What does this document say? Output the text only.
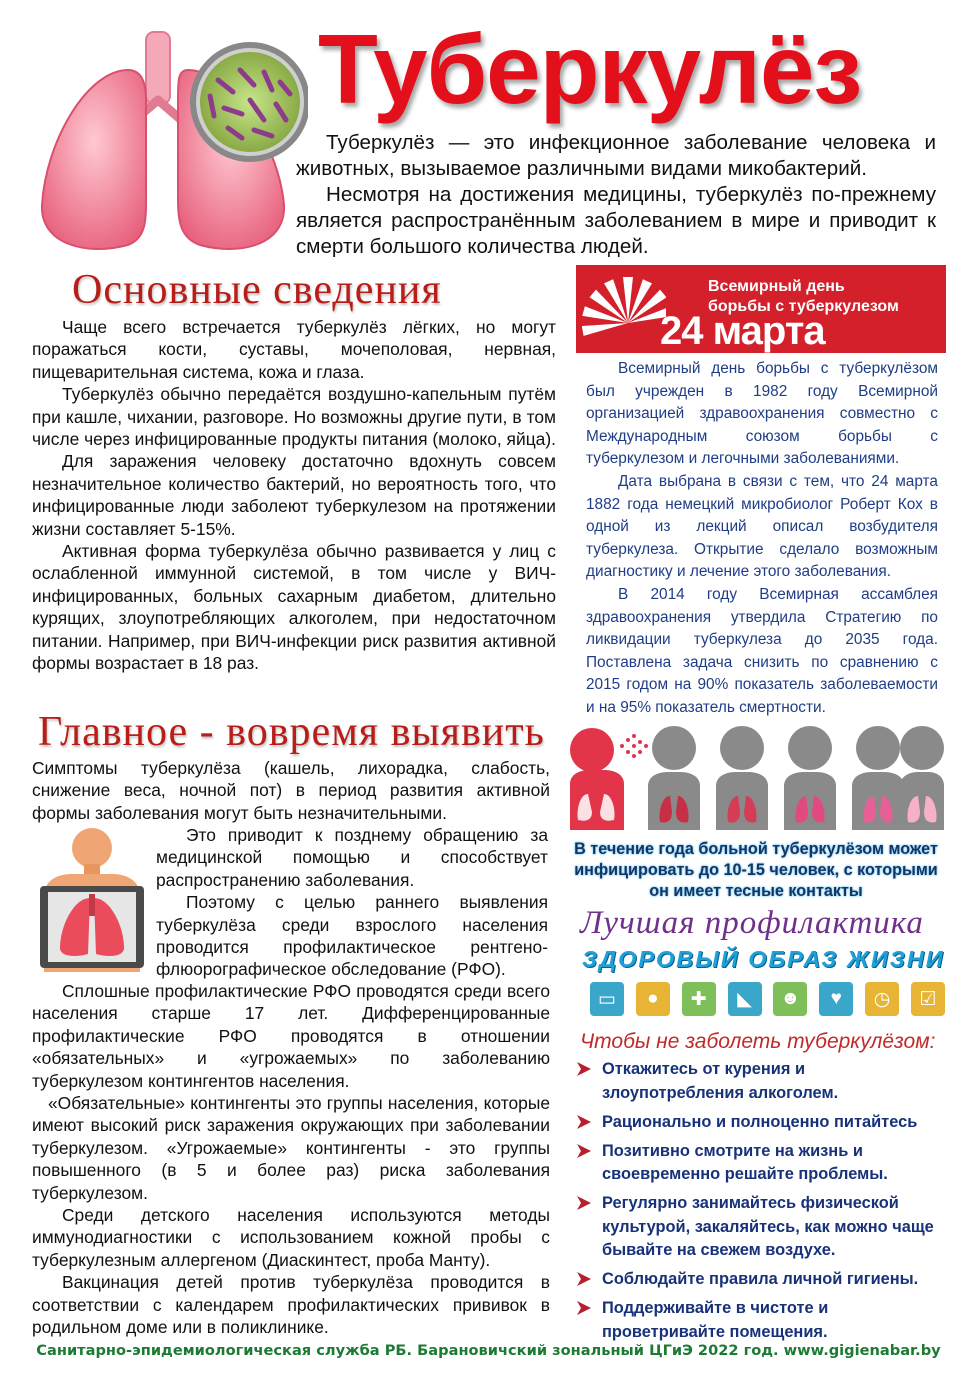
Туберкулёз

Туберкулёз — это инфекционное заболевание человека и животных, вызываемое различными видами микобактерий.

Несмотря на достижения медицины, туберкулёз по-прежнему является распространённым заболеванием в мире и приводит к смерти большого количества людей.

Основные сведения

Чаще всего встречается туберкулёз лёгких, но могут поражаться кости, суставы, мочеполовая, нервная, пищеварительная система, кожа и глаза.

Туберкулёз обычно передаётся воздушно-капельным путём при кашле, чихании, разговоре. Но возможны другие пути, в том числе через инфицированные продукты питания (молоко, яйца).

Для заражения человеку достаточно вдохнуть совсем незначительное количество бактерий, но вероятность того, что инфицированные люди заболеют туберкулезом на протяжении жизни составляет 5-15%.

Активная форма туберкулёза обычно развивается у лиц с ослабленной иммунной системой, в том числе у ВИЧ-инфицированных, больных сахарным диабетом, длительно курящих, злоупотребляющих алкоголем, при недостаточном питании. Например, при ВИЧ-инфекции риск развития активной формы возрастает в 18 раз.

Главное - вовремя выявить
Симптомы туберкулёза (кашель, лихорадка, слабость, снижение веса, ночной пот) в период развития активной формы заболевания могут быть незначительными.

Это приводит к позднему обращению за медицинской помощью и способствует распространению заболевания.

Поэтому с целью раннего выявления туберкулёза среди взрослого населения проводится профилактическое рентгено-флюорографическое обследование (РФО).

Сплошные профилактические РФО проводятся среди всего населения старше 17 лет. Дифференцированные профилактические РФО проводятся в отношении «обязательных» и «угрожаемых» по заболеванию туберкулезом контингентов населения.

«Обязательные» контингенты это группы населения, которые имеют высокий риск заражения окружающих при заболевании туберкулезом. «Угрожаемые» контингенты - это группы повышенного (в 5 и более раз) риска заболевания туберкулезом.

Среди детского населения используются методы иммунодиагностики с использованием кожной пробы с туберкулезным аллергеном (Диаскинтест, проба Манту).

Вакцинация детей против туберкулёза проводится в соответствии с календарем профилактических прививок в родильном доме или в поликлинике.

Всемирный день
борьбы с туберкулезом
24 марта

Всемирный день борьбы с туберкулёзом был учрежден в 1982 году Всемирной организацией здравоохранения совместно с Международным союзом борьбы с туберкулезом и легочными заболеваниями.

Дата выбрана в связи с тем, что 24 марта 1882 года немецкий микробиолог Роберт Кох в одной из лекций описал возбудителя туберкулеза. Открытие сделало возможным диагностику и лечение этого заболевания.

В 2014 году Всемирная ассамблея здравоохранения утвердила Стратегию по ликвидации туберкулеза до 2035 года. Поставлена задача снизить по сравнению с 2015 годом на 90% показатель заболеваемости и на 95% показатель смертности.

В течение года больной туберкулёзом может инфицировать до 10-15 человек, с которыми он имеет тесные контакты
Лучшая профилактика
ЗДОРОВЫЙ ОБРАЗ ЖИЗНИ
▭	●	✚	◣	☻	♥	◷	☑
Чтобы не заболеть туберкулёзом:
Откажитесь от курения и злоупотребления алкоголем.
Рационально и полноценно питайтесь
Позитивно смотрите на жизнь и своевременно решайте проблемы.
Регулярно занимайтесь физической культурой, закаляйтесь, как можно чаще бывайте на свежем воздухе.
Соблюдайте правила личной гигиены.
Поддерживайте в чистоте и проветривайте помещения.
Санитарно-эпидемиологическая служба РБ. Барановичский зональный ЦГиЭ 2022 год. www.gigienabar.by
